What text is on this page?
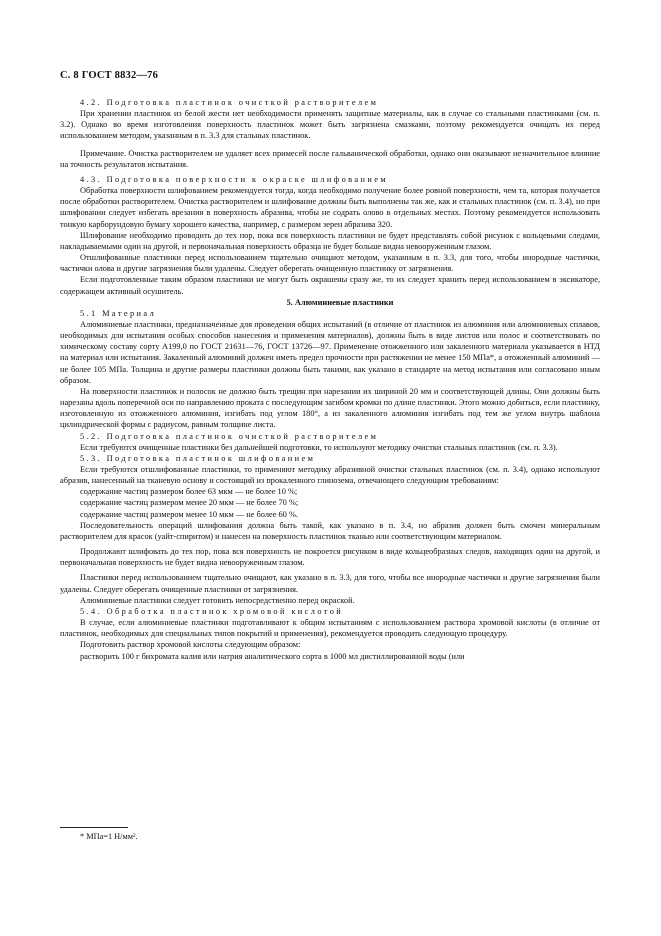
С. 8 ГОСТ 8832—76

4.2. Подготовка пластинок очисткой растворителем

При хранении пластинок из белой жести нет необходимости применять защитные материалы, как в случае со стальными пластинками (см. п. 3.2). Однако во время изготовления поверхность пластинок может быть загрязнена смазками, поэтому рекомендуется очищать их перед использованием методом, указанным в п. 3.3 для стальных пластинок.

Примечание. Очистка растворителем не удаляет всех примесей после гальванической обработки, однако они оказывают незначительное влияние на точность результатов испытания.

4.3. Подготовка поверхности к окраске шлифованием

Обработка поверхности шлифованием рекомендуется тогда, когда необходимо получение более ровной поверхности, чем та, которая получается после обработки растворителем. Очистка растворителем и шлифование должны быть выполнены так же, как и стальных пластинок (см. п. 3.4), но при шлифовании следует избегать врезания в поверхность абразива, чтобы не содрать олово в отдельных местах. Поэтому рекомендуется использовать тонкую карборундовую бумагу хорошего качества, например, с размером зерен абразива 320.

Шлифование необходимо проводить до тех пор, пока вся поверхность пластинки не будет представлять собой рисунок с кольцевыми следами, накладываемыми один на другой, и первоначальная поверхность образца не будет больше видна невооруженным глазом.

Отшлифованные пластинки перед использованием тщательно очищают методом, указанным в п. 3.3, для того, чтобы инородные частички, частички олова и другие загрязнения были удалены. Следует оберегать очищенную пластинку от загрязнения.

Если подготовленные таким образом пластинки не могут быть окрашены сразу же, то их следует хранить перед использованием в эксикаторе, содержащем активный осушитель.

5. Алюминиевые пластинки

5.1 Материал

Алюминиевые пластинки, предназначенные для проведения общих испытаний (в отличие от пластинок из алюминия или алюминиевых сплавов, необходимых для испытания особых способов нанесения и применения материалов), должны быть в виде листов или полос и соответствовать по химическому составу сорту А199,0 по ГОСТ 21631—76, ГОСТ 13726—97. Применение отожженного или закаленного материала указывается в НТД на материал или испытания. Закаленный алюминий должен иметь предел прочности при растяжении не менее 150 МПа*, а отожженный алюминий — не более 105 МПа. Толщина и другие размеры пластинки должны быть такими, как указано в стандарте на метод испытания или согласовано иным образом.

На поверхности пластинок и полосок не должно быть трещин при нарезании их шириной 20 мм и соответствующей длины. Они должны быть нарезаны вдоль поперечной оси по направлению проката с последующим загибом кромки по длине пластинки. Этого можно добиться, если пластинку, изготовленную из отожженного алюминия, изгибать под углом 180°, а из закаленного алюминия изгибать под тем же углом внутрь шаблона цилиндрической формы с радиусом, равным толщине листа.

5.2. Подготовка пластинок очисткой растворителем

Если требуются очищенные пластинки без дальнейшей подготовки, то используют методику очистки стальных пластинок (см. п. 3.3).

5.3. Подготовка пластинок шлифованием

Если требуются отшлифованные пластинки, то применяют методику абразивной очистки стальных пластинок (см. п. 3.4), однако используют абразив, нанесенный на тканевую основу и состоящий из прокаленного глинозема, отвечающего следующим требованиям:

содержание частиц размером более 63 мкм — не более 10 %;

содержание частиц размером менее 20 мкм — не более 70 %;

содержание частиц размером менее 10 мкм — не более 60 %.

Последовательность операций шлифования должна быть такой, как указано в п. 3.4, но абразив должен быть смочен минеральным растворителем для красок (уайт-спиритом) и нанесен на поверхность пластинок тканью или соответствующим материалом.

Продолжают шлифовать до тех пор, пока вся поверхность не покроется рисунком в виде кольцеобразных следов, находящих один на другой, и первоначальная поверхность не будет видна невооруженным глазом.

Пластинки перед использованием тщательно очищают, как указано в п. 3.3, для того, чтобы все инородные частички и другие загрязнения были удалены. Следует оберегать очищенные пластинки от загрязнения.

Алюминиевые пластинки следует готовить непосредственно перед окраской.

5.4. Обработка пластинок хромовой кислотой

В случае, если алюминиевые пластинки подготавливают к общим испытаниям с использованием раствора хромовой кислоты (в отличие от пластинок, необходимых для специальных типов покрытий и применения), рекомендуется проводить следующую процедуру.

Подготовить раствор хромовой кислоты следующим образом:

растворить 100 г бихромата калия или натрия аналитического сорта в 1000 мл дистиллированной воды (или

* МПа=1 Н/мм².
